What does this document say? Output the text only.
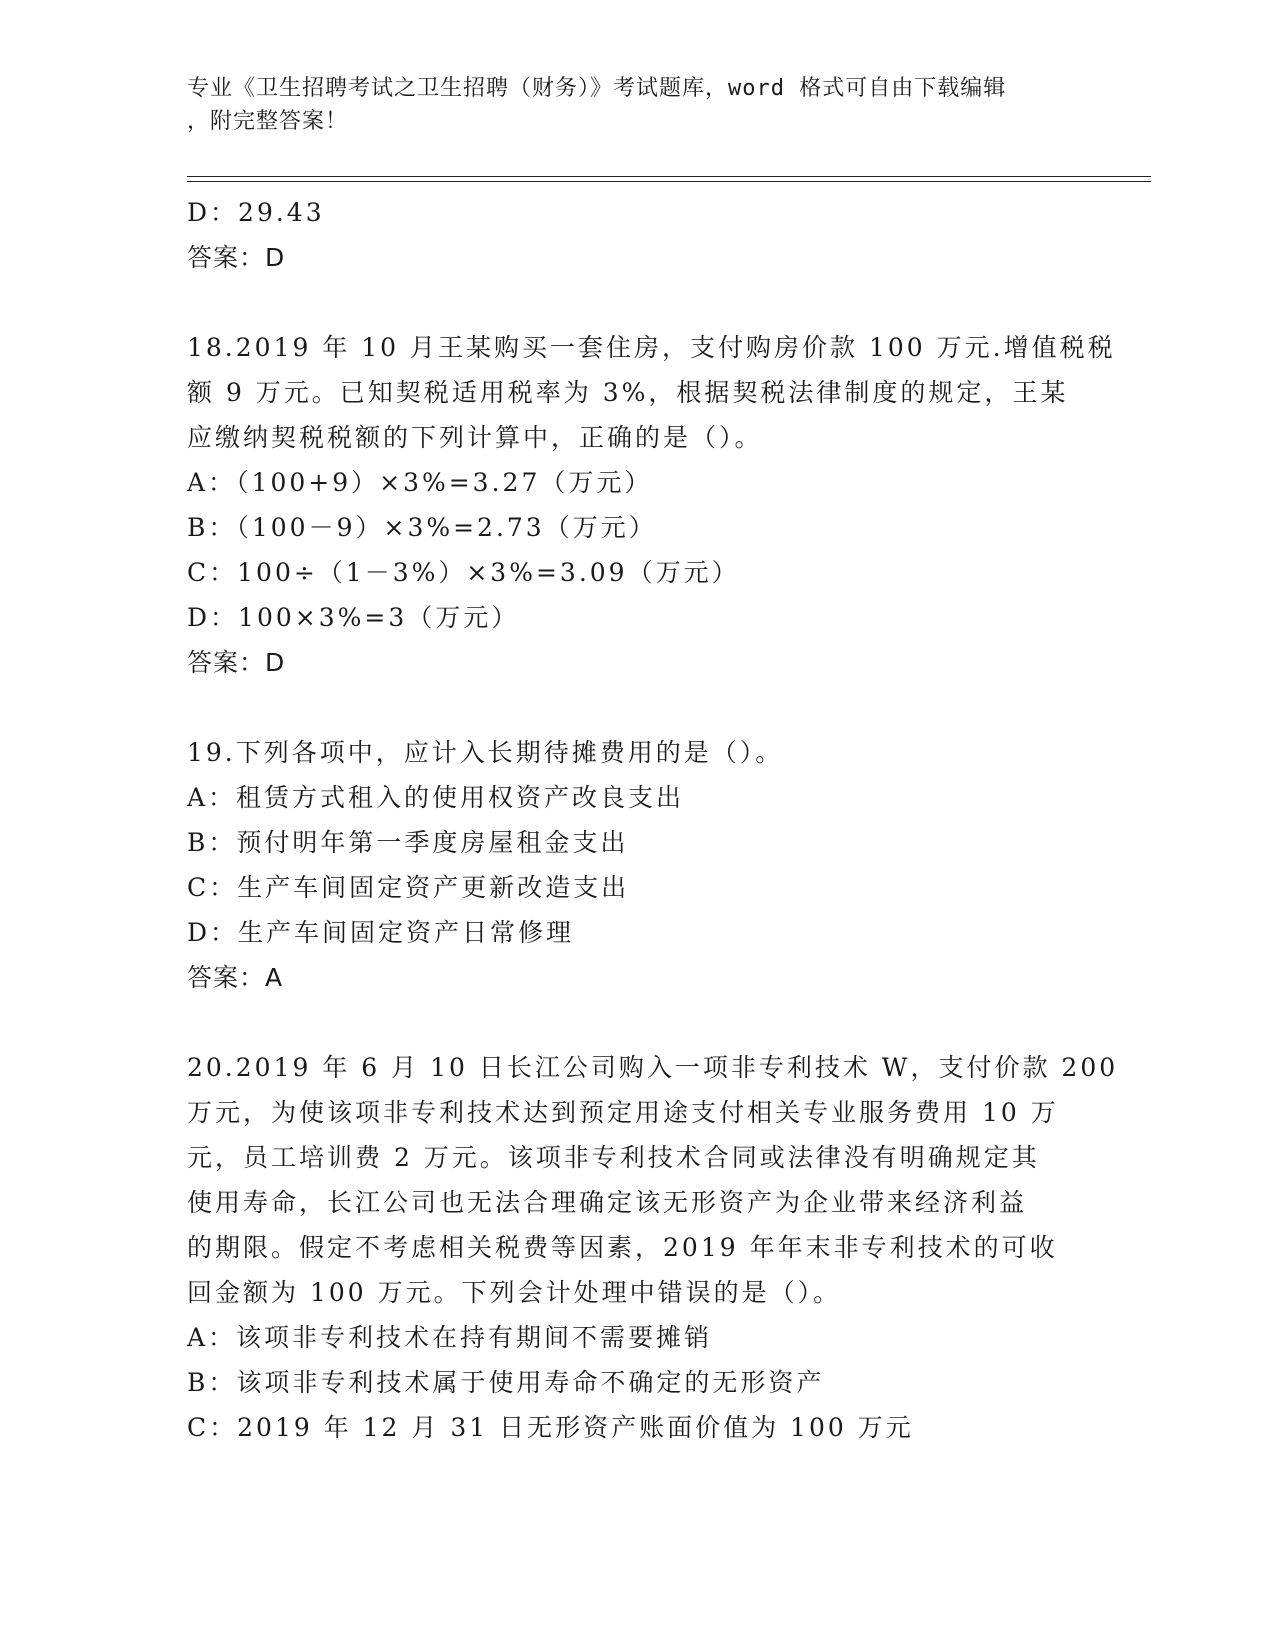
专业《卫生招聘考试之卫生招聘（财务）》考试题库，word 格式可自由下载编辑
，附完整答案！
D：29.43
答案：D
18.2019 年 10 月王某购买一套住房，支付购房价款 100 万元.增值税税
额 9 万元。已知契税适用税率为 3%，根据契税法律制度的规定，王某
应缴纳契税税额的下列计算中，正确的是（）。
A：（100+9）×3%=3.27（万元）
B：（100－9）×3%=2.73（万元）
C：100÷（1－3%）×3%=3.09（万元）
D：100×3%=3（万元）
答案：D
19.下列各项中，应计入长期待摊费用的是（）。
A：租赁方式租入的使用权资产改良支出
B：预付明年第一季度房屋租金支出
C：生产车间固定资产更新改造支出
D：生产车间固定资产日常修理
答案：A
20.2019 年 6 月 10 日长江公司购入一项非专利技术 W，支付价款 200
万元，为使该项非专利技术达到预定用途支付相关专业服务费用 10 万
元，员工培训费 2 万元。该项非专利技术合同或法律没有明确规定其
使用寿命，长江公司也无法合理确定该无形资产为企业带来经济利益
的期限。假定不考虑相关税费等因素，2019 年年末非专利技术的可收
回金额为 100 万元。下列会计处理中错误的是（）。
A：该项非专利技术在持有期间不需要摊销
B：该项非专利技术属于使用寿命不确定的无形资产
C：2019 年 12 月 31 日无形资产账面价值为 100 万元
